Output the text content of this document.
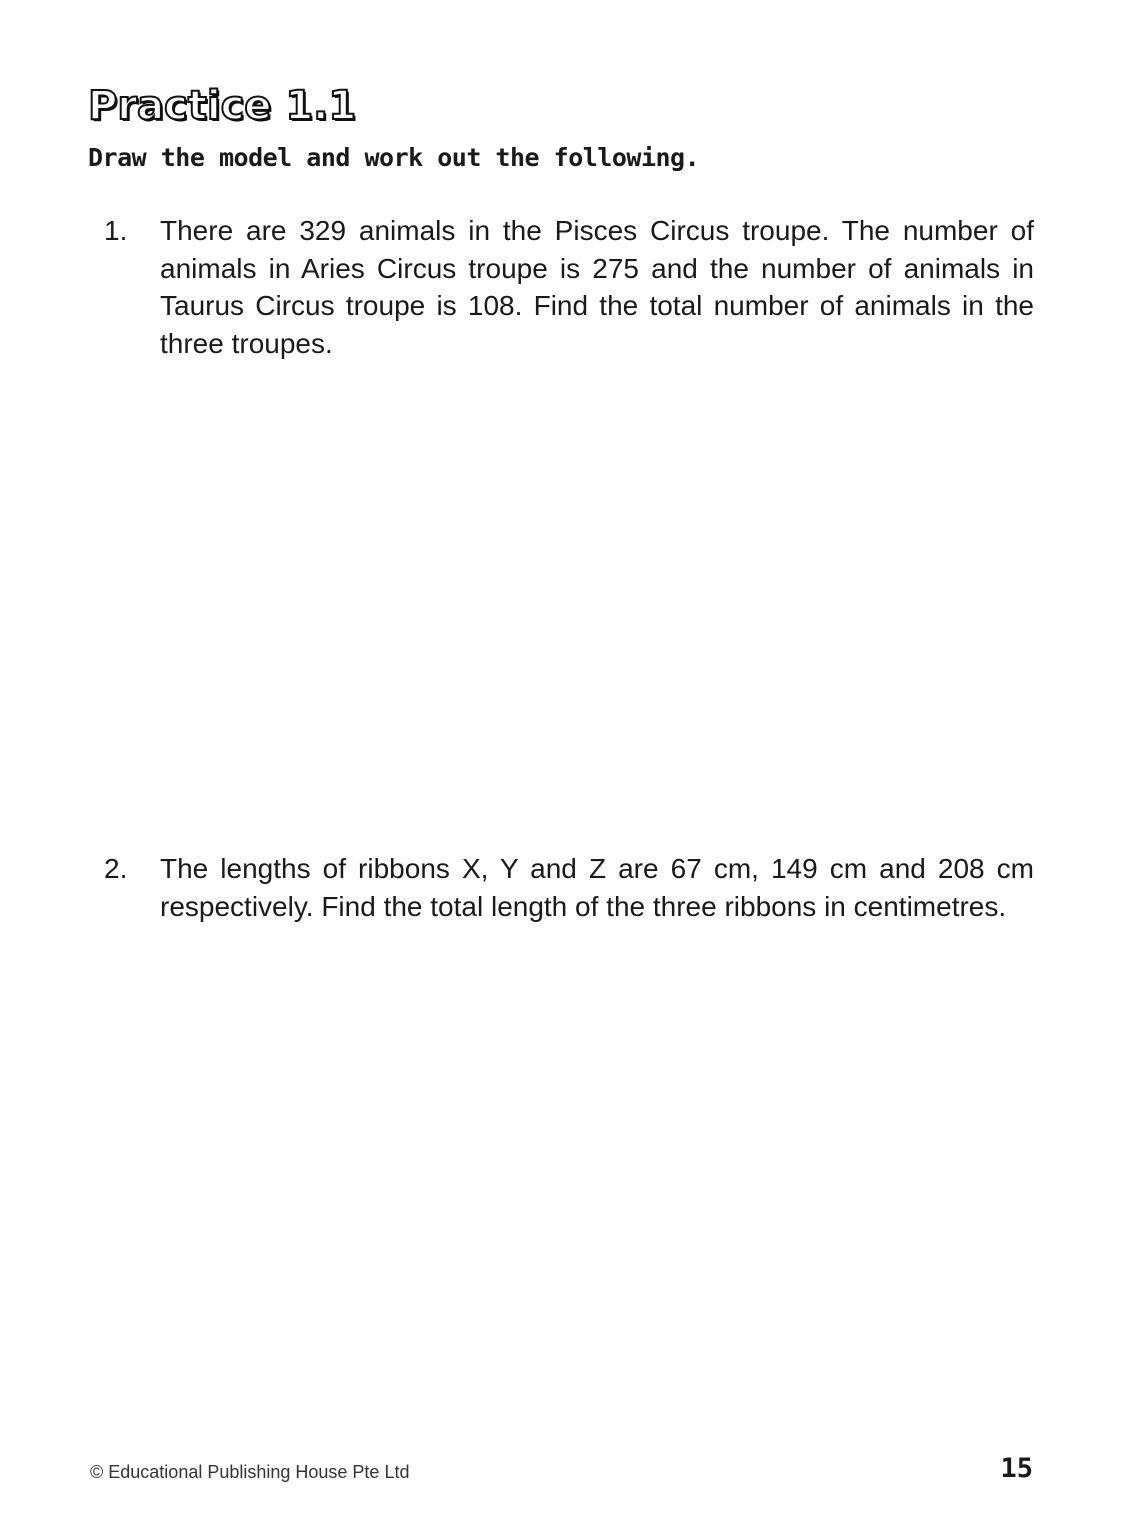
Practice 1.1
Draw the model and work out the following.
1.	There are 329 animals in the Pisces Circus troupe. The number of animals in Aries Circus troupe is 275 and the number of animals in Taurus Circus troupe is 108. Find the total number of animals in the three troupes.
2.	The lengths of ribbons X, Y and Z are 67 cm, 149 cm and 208 cm respectively. Find the total length of the three ribbons in centimetres.
© Educational Publishing House Pte Ltd	15
